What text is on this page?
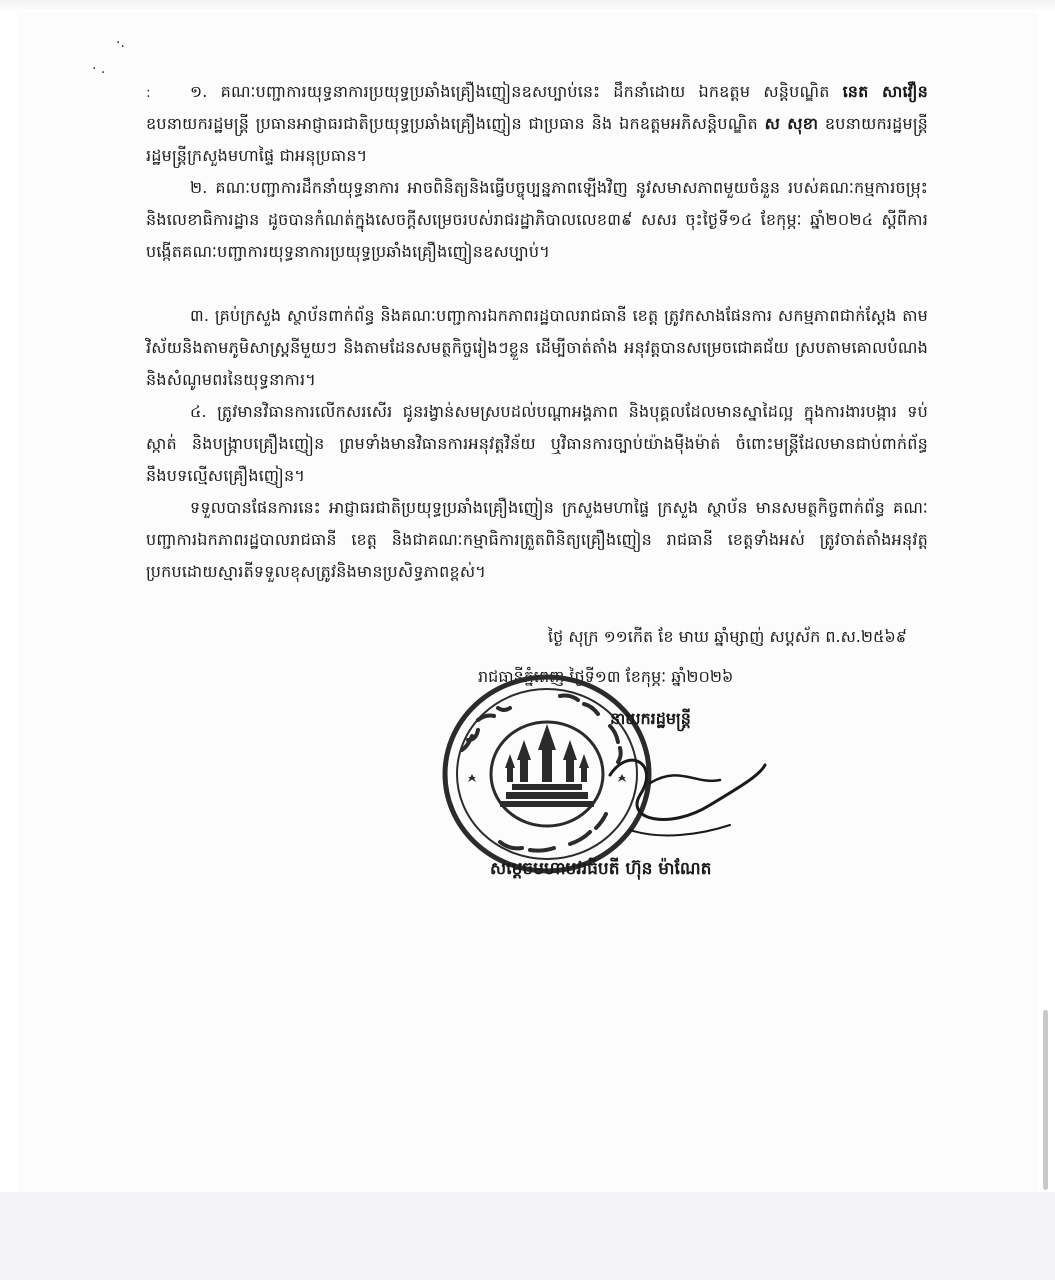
·.
· .
:	១. គណៈបញ្ជាការយុទ្ធនាការប្រយុទ្ធប្រឆាំងគ្រឿងញៀនឧសប្បាប់នេះ ដឹកនាំដោយ ឯកឧត្ដម សន្ដិបណ្ឌិត នេត សាវឿន ឧបនាយករដ្ឋមន្ត្រី ប្រធានអាជ្ញាធរជាតិប្រយុទ្ធប្រឆាំងគ្រឿងញៀន ជាប្រធាន និង ឯកឧត្ដមអភិសន្ដិបណ្ឌិត ស សុខា ឧបនាយករដ្ឋមន្ត្រី រដ្ឋមន្ត្រីក្រសួងមហាផ្ទៃ ជាអនុប្រធាន។

២. គណៈបញ្ជាការដឹកនាំយុទ្ធនាការ អាចពិនិត្យនិងធ្វើបច្ចុប្បន្នភាពឡើងវិញ នូវសមាសភាពមួយចំនួន របស់គណៈកម្មការចម្រុះនិងលេខាធិការដ្ឋាន ដូចបានកំណត់ក្នុងសេចក្ដីសម្រេចរបស់រាជរដ្ឋាភិបាលលេខ៣៩ សសរ ចុះថ្ងៃទី១៤ ខែកុម្ភៈ ឆ្នាំ២០២៤ ស្ដីពីការបង្កើតគណៈបញ្ជាការយុទ្ធនាការប្រយុទ្ធប្រឆាំងគ្រឿងញៀនឧសប្បាប់។

៣. គ្រប់ក្រសួង ស្ថាប័នពាក់ព័ន្ធ និងគណៈបញ្ជាការឯកភាពរដ្ឋបាលរាជធានី ខេត្ត ត្រូវកសាងផែនការ សកម្មភាពជាក់ស្ដែង តាមវិស័យនិងតាមភូមិសាស្ត្រនីមួយៗ និងតាមដែនសមត្ថកិច្ចរៀងៗខ្លួន ដើម្បីចាត់តាំង អនុវត្តបានសម្រេចជោគជ័យ ស្របតាមគោលបំណងនិងសំណូមពរនៃយុទ្ធនាការ។

៤. ត្រូវមានវិធានការលើកសរសើរ ជូនរង្វាន់សមស្របដល់បណ្ដាអង្គភាព និងបុគ្គលដែលមានស្នាដៃល្អ ក្នុងការងារបង្ការ ទប់ស្កាត់ និងបង្ក្រាបគ្រឿងញៀន ព្រមទាំងមានវិធានការអនុវត្តវិន័យ ឬវិធានការច្បាប់យ៉ាងម៉ឺងម៉ាត់ ចំពោះមន្ត្រីដែលមានជាប់ពាក់ព័ន្ធនឹងបទល្មើសគ្រឿងញៀន។

ទទួលបានផែនការនេះ អាជ្ញាធរជាតិប្រយុទ្ធប្រឆាំងគ្រឿងញៀន ក្រសួងមហាផ្ទៃ ក្រសួង ស្ថាប័ន មានសមត្ថកិច្ចពាក់ព័ន្ធ គណៈបញ្ជាការឯកភាពរដ្ឋបាលរាជធានី ខេត្ត និងជាគណៈកម្មាធិការត្រួតពិនិត្យគ្រឿងញៀន រាជធានី ខេត្តទាំងអស់ ត្រូវចាត់តាំងអនុវត្តប្រកបដោយស្មារតីទទួលខុសត្រូវនិងមានប្រសិទ្ធភាពខ្ពស់។

ថ្ងៃ សុក្រ ១១កើត ខែ មាឃ ឆ្នាំម្សាញ់ សប្ដស័ក ព.ស.២៥៦៩
រាជធានីភ្នំពេញ ថ្ងៃទី១៣ ខែកុម្ភៈ ឆ្នាំ២០២៦
នាយករដ្ឋមន្ត្រី
សម្ដេចមហាបវរធិបតី ហ៊ុន ម៉ាណែត
